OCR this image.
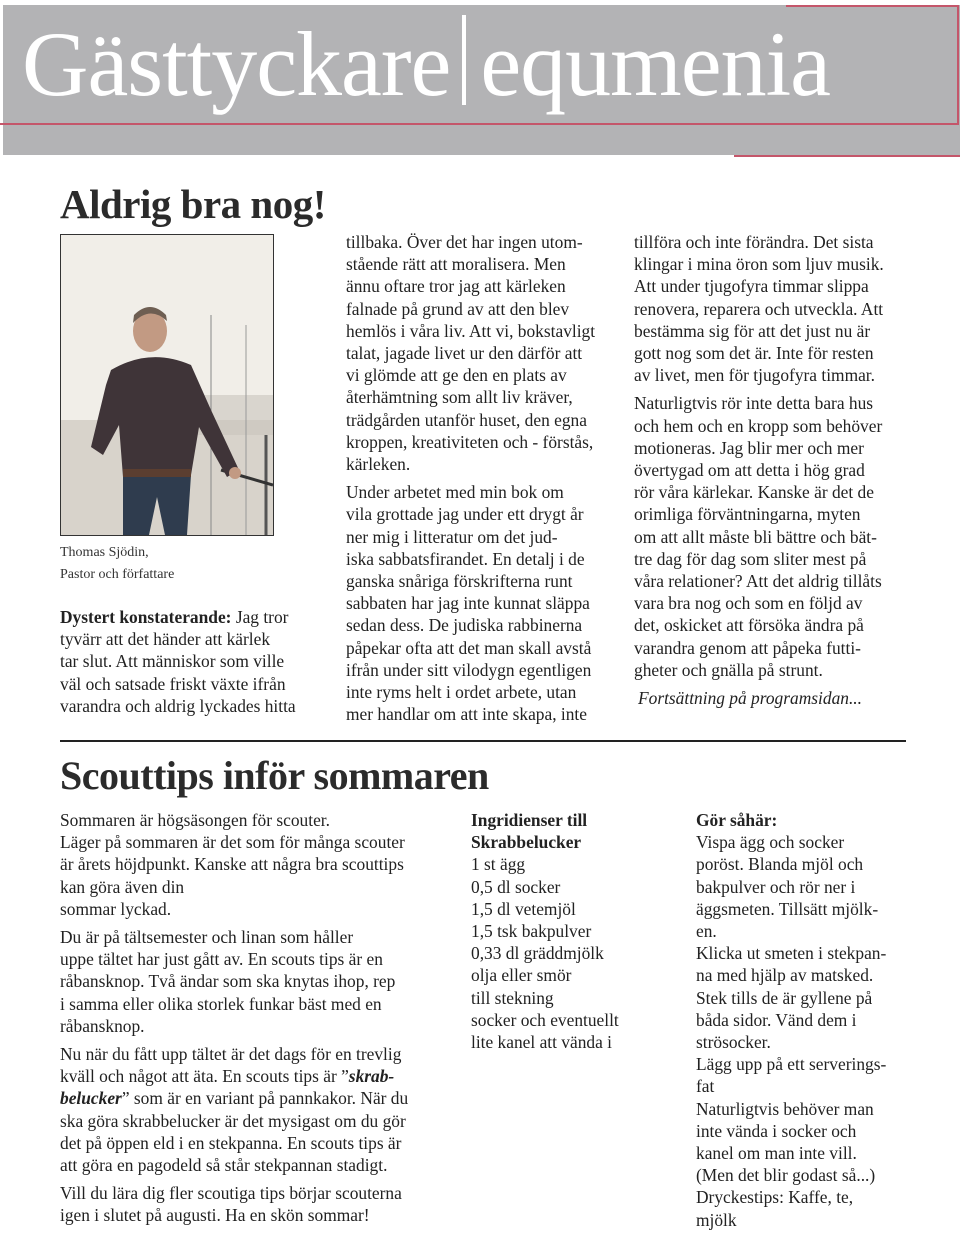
Gästtyckare equmenia
Aldrig bra nog!
Thomas Sjödin,
Pastor och författare
Dystert konstaterande: Jag tror
tyvärr att det händer att kärlek
tar slut. Att människor som ville
väl och satsade friskt växte ifrån
varandra och aldrig lyckades hitta

tillbaka. Över det har ingen utom-
stående rätt att moralisera. Men
ännu oftare tror jag att kärleken
falnade på grund av att den blev
hemlös i våra liv. Att vi, bokstavligt
talat, jagade livet ur den därför att
vi glömde att ge den en plats av
återhämtning som allt liv kräver,
trädgården utanför huset, den egna
kroppen, kreativiteten och - förstås,
kärleken.

Under arbetet med min bok om
vila grottade jag under ett drygt år
ner mig i litteratur om det jud-
iska sabbatsfirandet. En detalj i de
ganska snåriga förskrifterna runt
sabbaten har jag inte kunnat släppa
sedan dess. De judiska rabbinerna
påpekar ofta att det man skall avstå
ifrån under sitt vilodygn egentligen
inte ryms helt i ordet arbete, utan
mer handlar om att inte skapa, inte

tillföra och inte förändra. Det sista
klingar i mina öron som ljuv musik.
Att under tjugofyra timmar slippa
renovera, reparera och utveckla. Att
bestämma sig för att det just nu är
gott nog som det är. Inte för resten
av livet, men för tjugofyra timmar.

Naturligtvis rör inte detta bara hus
och hem och en kropp som behöver
motioneras. Jag blir mer och mer
övertygad om att detta i hög grad
rör våra kärlekar. Kanske är det de
orimliga förväntningarna, myten
om att allt måste bli bättre och bät-
tre dag för dag som sliter mest på
våra relationer? Att det aldrig tillåts
vara bra nog och som en följd av
det, oskicket att försöka ändra på
varandra genom att påpeka futti-
gheter och gnälla på strunt.

Fortsättning på programsidan...

Scouttips inför sommaren

Sommaren är högsäsongen för scouter.
Läger på sommaren är det som för många scouter
är årets höjdpunkt. Kanske att några bra scouttips
kan göra även din
sommar lyckad.

Du är på tältsemester och linan som håller
uppe tältet har just gått av. En scouts tips är en
råbansknop. Två ändar som ska knytas ihop, rep
i samma eller olika storlek funkar bäst med en
råbansknop.

Nu när du fått upp tältet är det dags för en trevlig
kväll och något att äta. En scouts tips är ”skrab-
belucker” som är en variant på pannkakor. När du
ska göra skrabbelucker är det mysigast om du gör
det på öppen eld i en stekpanna. En scouts tips är
att göra en pagodeld så står stekpannan stadigt.

Vill du lära dig fler scoutiga tips börjar scouterna
igen i slutet på augusti. Ha en skön sommar!

Ingridienser till
Skrabbelucker
1 st ägg
0,5 dl socker
1,5 dl vetemjöl
1,5 tsk bakpulver
0,33 dl gräddmjölk
olja eller smör
till stekning
socker och eventuellt
lite kanel att vända i
Gör såhär:
Vispa ägg och socker
poröst. Blanda mjöl och
bakpulver och rör ner i
äggsmeten. Tillsätt mjölk-
en.
Klicka ut smeten i stekpan-
na med hjälp av matsked.
Stek tills de är gyllene på
båda sidor. Vänd dem i
strösocker.
Lägg upp på ett serverings-
fat
Naturligtvis behöver man
inte vända i socker och
kanel om man inte vill.
(Men det blir godast så...)
Dryckestips: Kaffe, te,
mjölk
